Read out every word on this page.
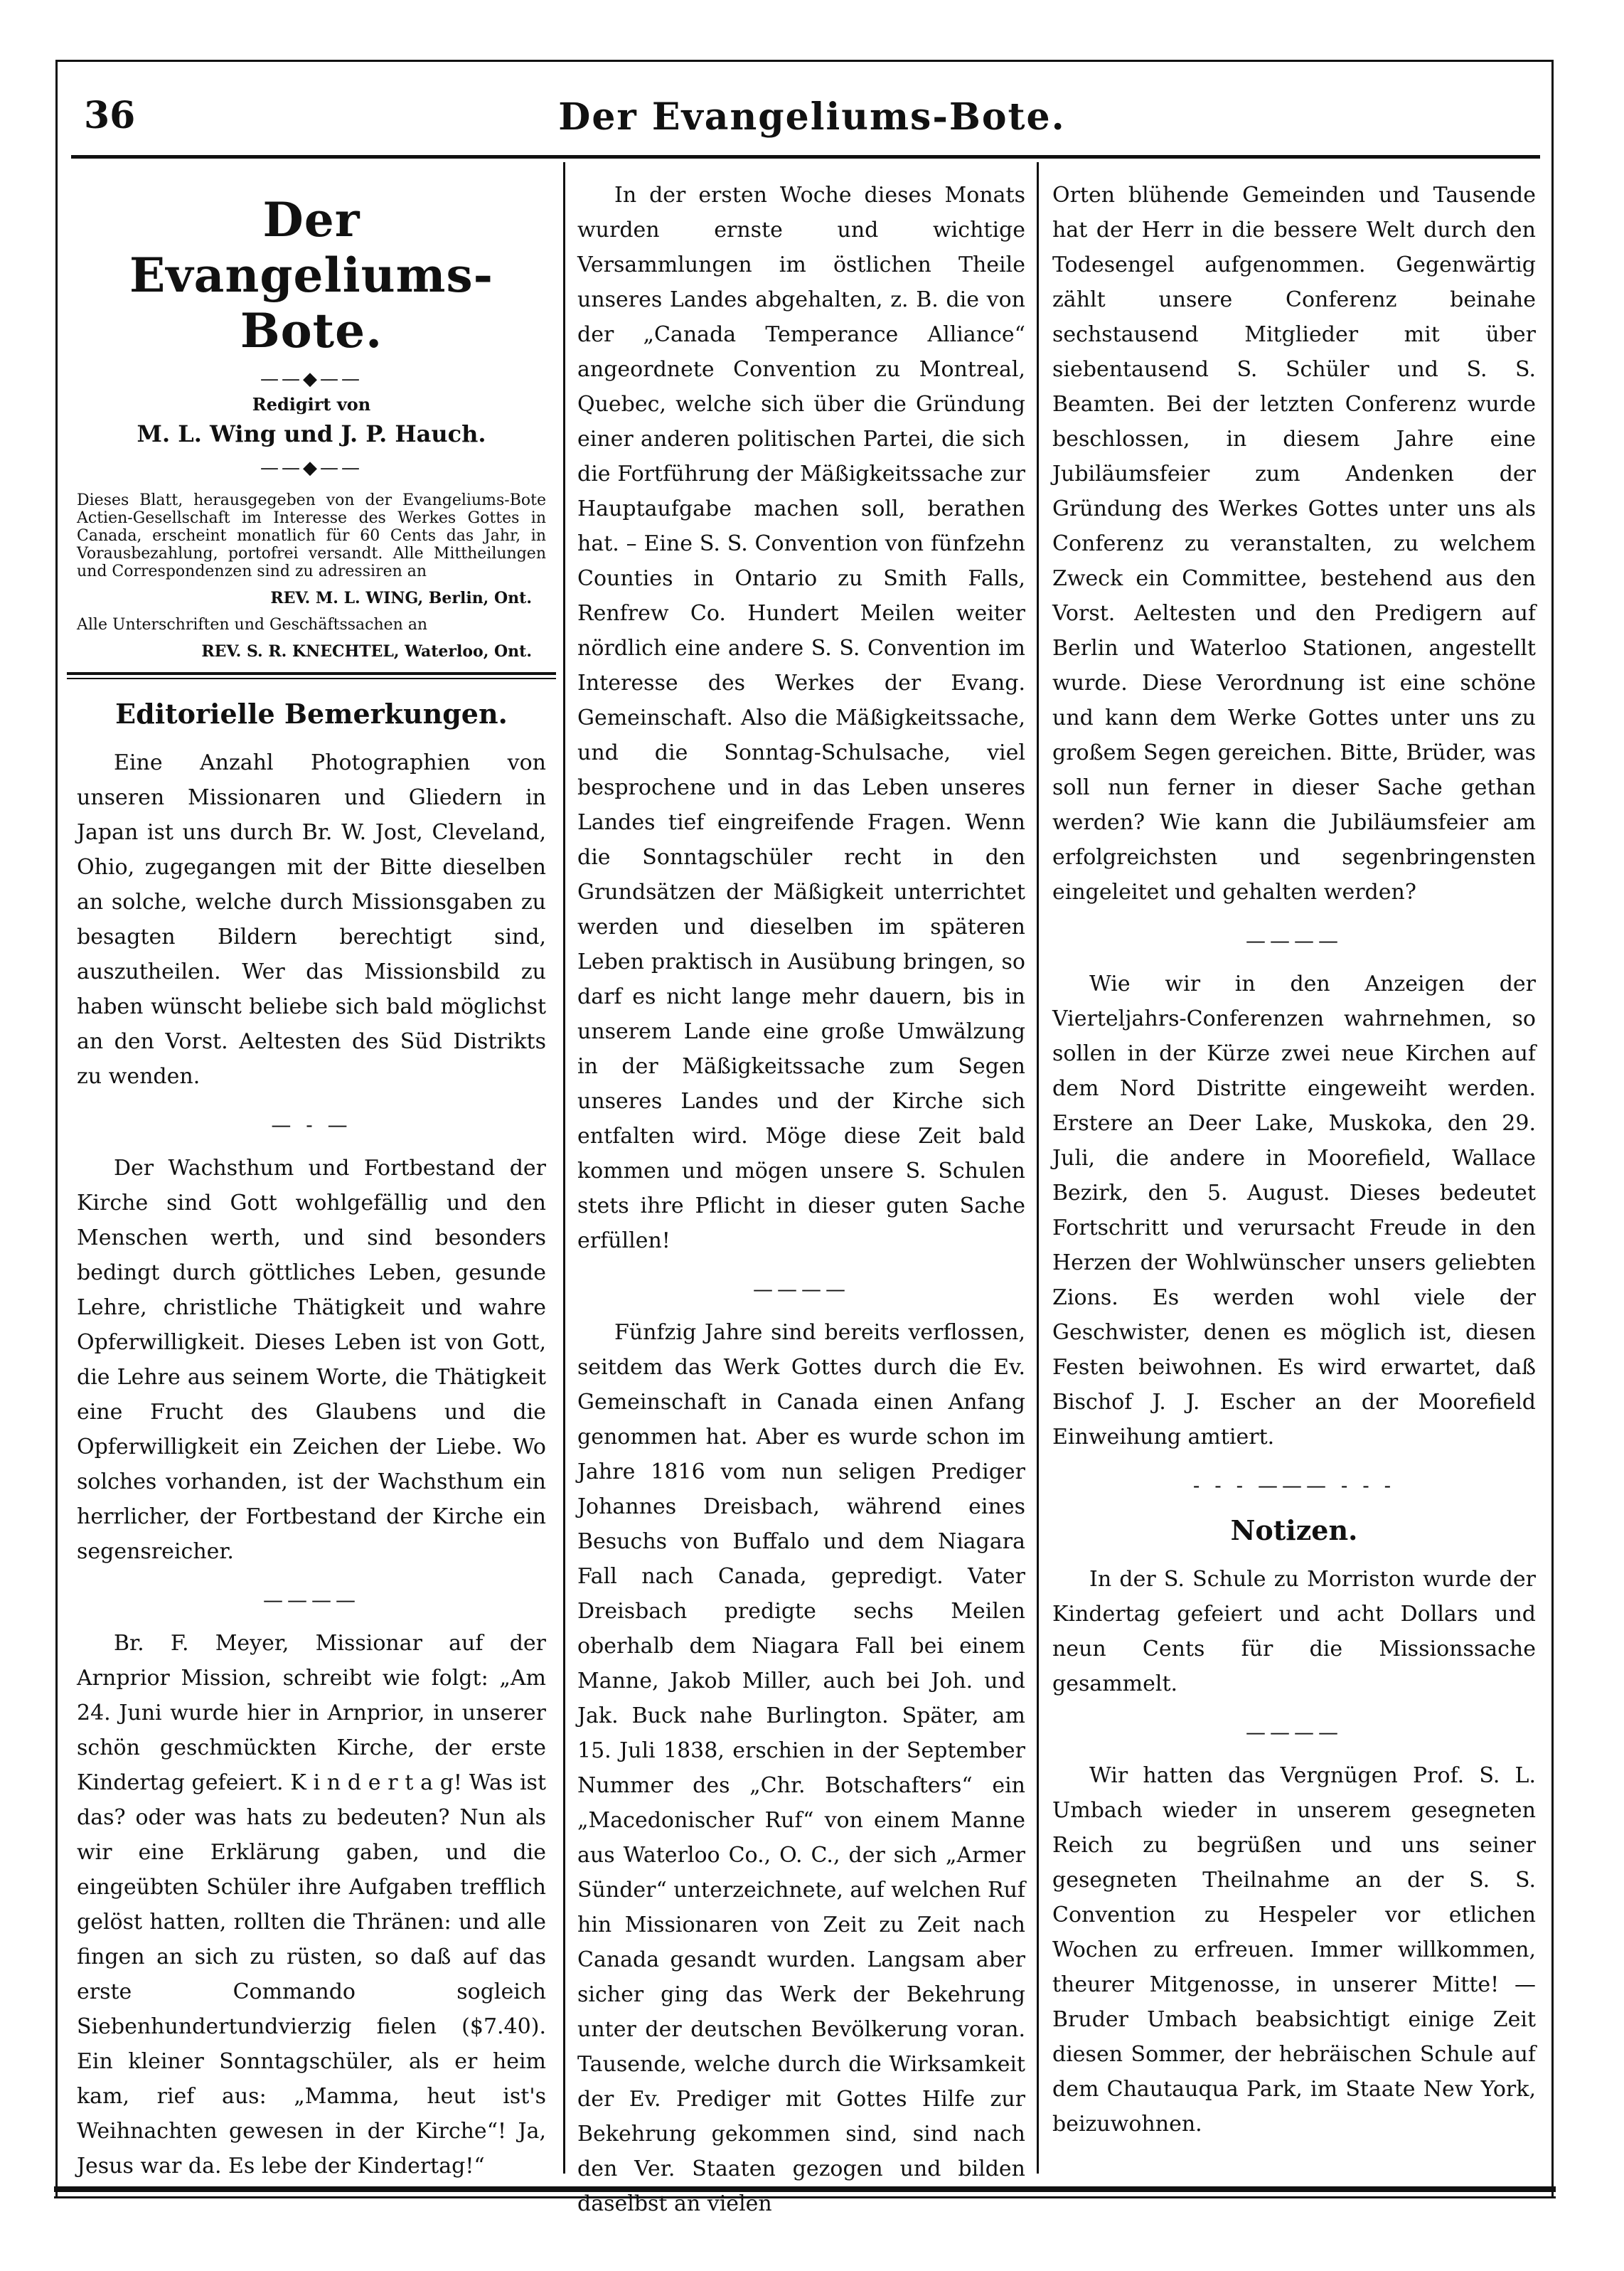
36	Der Evangeliums-Bote.
Der Evangeliums-Bote.
——◆——
Redigirt von
M. L. Wing und J. P. Hauch.
——◆——
Dieses Blatt, herausgegeben von der Evangeliums-Bote Actien-Gesellschaft im Interesse des Werkes Gottes in Canada, erscheint monatlich für 60 Cents das Jahr, in Vorausbezahlung, portofrei versandt. Alle Mittheilungen und Correspondenzen sind zu adressiren an
REV. M. L. WING, Berlin, Ont.
Alle Unterschriften und Geschäftssachen an
REV. S. R. KNECHTEL, Waterloo, Ont.
Editorielle Bemerkungen.

Eine Anzahl Photographien von unseren Missionaren und Gliedern in Japan ist uns durch Br. W. Jost, Cleveland, Ohio, zugegangen mit der Bitte dieselben an solche, welche durch Missionsgaben zu besagten Bildern berechtigt sind, auszutheilen. Wer das Missionsbild zu haben wünscht beliebe sich bald möglichst an den Vorst. Aeltesten des Süd Distrikts zu wenden.

— - —

Der Wachsthum und Fortbestand der Kirche sind Gott wohlgefällig und den Menschen werth, und sind besonders bedingt durch göttliches Leben, gesunde Lehre, christliche Thätigkeit und wahre Opferwilligkeit. Dieses Leben ist von Gott, die Lehre aus seinem Worte, die Thätigkeit eine Frucht des Glaubens und die Opferwilligkeit ein Zeichen der Liebe. Wo solches vorhanden, ist der Wachsthum ein herrlicher, der Fortbestand der Kirche ein segensreicher.

————

Br. F. Meyer, Missionar auf der Arnprior Mission, schreibt wie folgt: „Am 24. Juni wurde hier in Arnprior, in unserer schön geschmückten Kirche, der erste Kindertag gefeiert. K i n d e r t a g! Was ist das? oder was hats zu bedeuten? Nun als wir eine Erklärung gaben, und die eingeübten Schüler ihre Aufgaben trefflich gelöst hatten, rollten die Thränen: und alle fingen an sich zu rüsten, so daß auf das erste Commando sogleich Siebenhundertundvierzig fielen ($7.40). Ein kleiner Sonntagschüler, als er heim kam, rief aus: „Mamma, heut ist's Weihnachten gewesen in der Kirche“! Ja, Jesus war da. Es lebe der Kindertag!“

In der ersten Woche dieses Monats wurden ernste und wichtige Versammlungen im östlichen Theile unseres Landes abgehalten, z. B. die von der „Canada Temperance Alliance“ angeordnete Convention zu Montreal, Quebec, welche sich über die Gründung einer anderen politischen Partei, die sich die Fortführung der Mäßigkeitssache zur Hauptaufgabe machen soll, berathen hat. – Eine S. S. Convention von fünfzehn Counties in Ontario zu Smith Falls, Renfrew Co. Hundert Meilen weiter nördlich eine andere S. S. Convention im Interesse des Werkes der Evang. Gemeinschaft. Also die Mäßigkeitssache, und die Sonntag-Schulsache, viel besprochene und in das Leben unseres Landes tief eingreifende Fragen. Wenn die Sonntagschüler recht in den Grundsätzen der Mäßigkeit unterrichtet werden und dieselben im späteren Leben praktisch in Ausübung bringen, so darf es nicht lange mehr dauern, bis in unserem Lande eine große Umwälzung in der Mäßigkeitssache zum Segen unseres Landes und der Kirche sich entfalten wird. Möge diese Zeit bald kommen und mögen unsere S. Schulen stets ihre Pflicht in dieser guten Sache erfüllen!

————

Fünfzig Jahre sind bereits verflossen, seitdem das Werk Gottes durch die Ev. Gemeinschaft in Canada einen Anfang genommen hat. Aber es wurde schon im Jahre 1816 vom nun seligen Prediger Johannes Dreisbach, während eines Besuchs von Buffalo und dem Niagara Fall nach Canada, gepredigt. Vater Dreisbach predigte sechs Meilen oberhalb dem Niagara Fall bei einem Manne, Jakob Miller, auch bei Joh. und Jak. Buck nahe Burlington. Später, am 15. Juli 1838, erschien in der September Nummer des „Chr. Botschafters“ ein „Macedonischer Ruf“ von einem Manne aus Waterloo Co., O. C., der sich „Armer Sünder“ unterzeichnete, auf welchen Ruf hin Missionaren von Zeit zu Zeit nach Canada gesandt wurden. Langsam aber sicher ging das Werk der Bekehrung unter der deutschen Bevölkerung voran. Tausende, welche durch die Wirksamkeit der Ev. Prediger mit Gottes Hilfe zur Bekehrung gekommen sind, sind nach den Ver. Staaten gezogen und bilden daselbst an vielen

Orten blühende Gemeinden und Tausende hat der Herr in die bessere Welt durch den Todesengel aufgenommen. Gegenwärtig zählt unsere Conferenz beinahe sechstausend Mitglieder mit über siebentausend S. Schüler und S. S. Beamten. Bei der letzten Conferenz wurde beschlossen, in diesem Jahre eine Jubiläumsfeier zum Andenken der Gründung des Werkes Gottes unter uns als Conferenz zu veranstalten, zu welchem Zweck ein Committee, bestehend aus den Vorst. Aeltesten und den Predigern auf Berlin und Waterloo Stationen, angestellt wurde. Diese Verordnung ist eine schöne und kann dem Werke Gottes unter uns zu großem Segen gereichen. Bitte, Brüder, was soll nun ferner in dieser Sache gethan werden? Wie kann die Jubiläumsfeier am erfolgreichsten und segenbringensten eingeleitet und gehalten werden?

————

Wie wir in den Anzeigen der Vierteljahrs-Conferenzen wahrnehmen, so sollen in der Kürze zwei neue Kirchen auf dem Nord Distritte eingeweiht werden. Erstere an Deer Lake, Muskoka, den 29. Juli, die andere in Moorefield, Wallace Bezirk, den 5. August. Dieses bedeutet Fortschritt und verursacht Freude in den Herzen der Wohlwünscher unsers geliebten Zions. Es werden wohl viele der Geschwister, denen es möglich ist, diesen Festen beiwohnen. Es wird erwartet, daß Bischof J. J. Escher an der Moorefield Einweihung amtiert.

- - - ——— - - -
Notizen.

In der S. Schule zu Morriston wurde der Kindertag gefeiert und acht Dollars und neun Cents für die Missionssache gesammelt.

————

Wir hatten das Vergnügen Prof. S. L. Umbach wieder in unserem gesegneten Reich zu begrüßen und uns seiner gesegneten Theilnahme an der S. S. Convention zu Hespeler vor etlichen Wochen zu erfreuen. Immer willkommen, theurer Mitgenosse, in unserer Mitte! — Bruder Umbach beabsichtigt einige Zeit diesen Sommer, der hebräischen Schule auf dem Chautauqua Park, im Staate New York, beizuwohnen.
